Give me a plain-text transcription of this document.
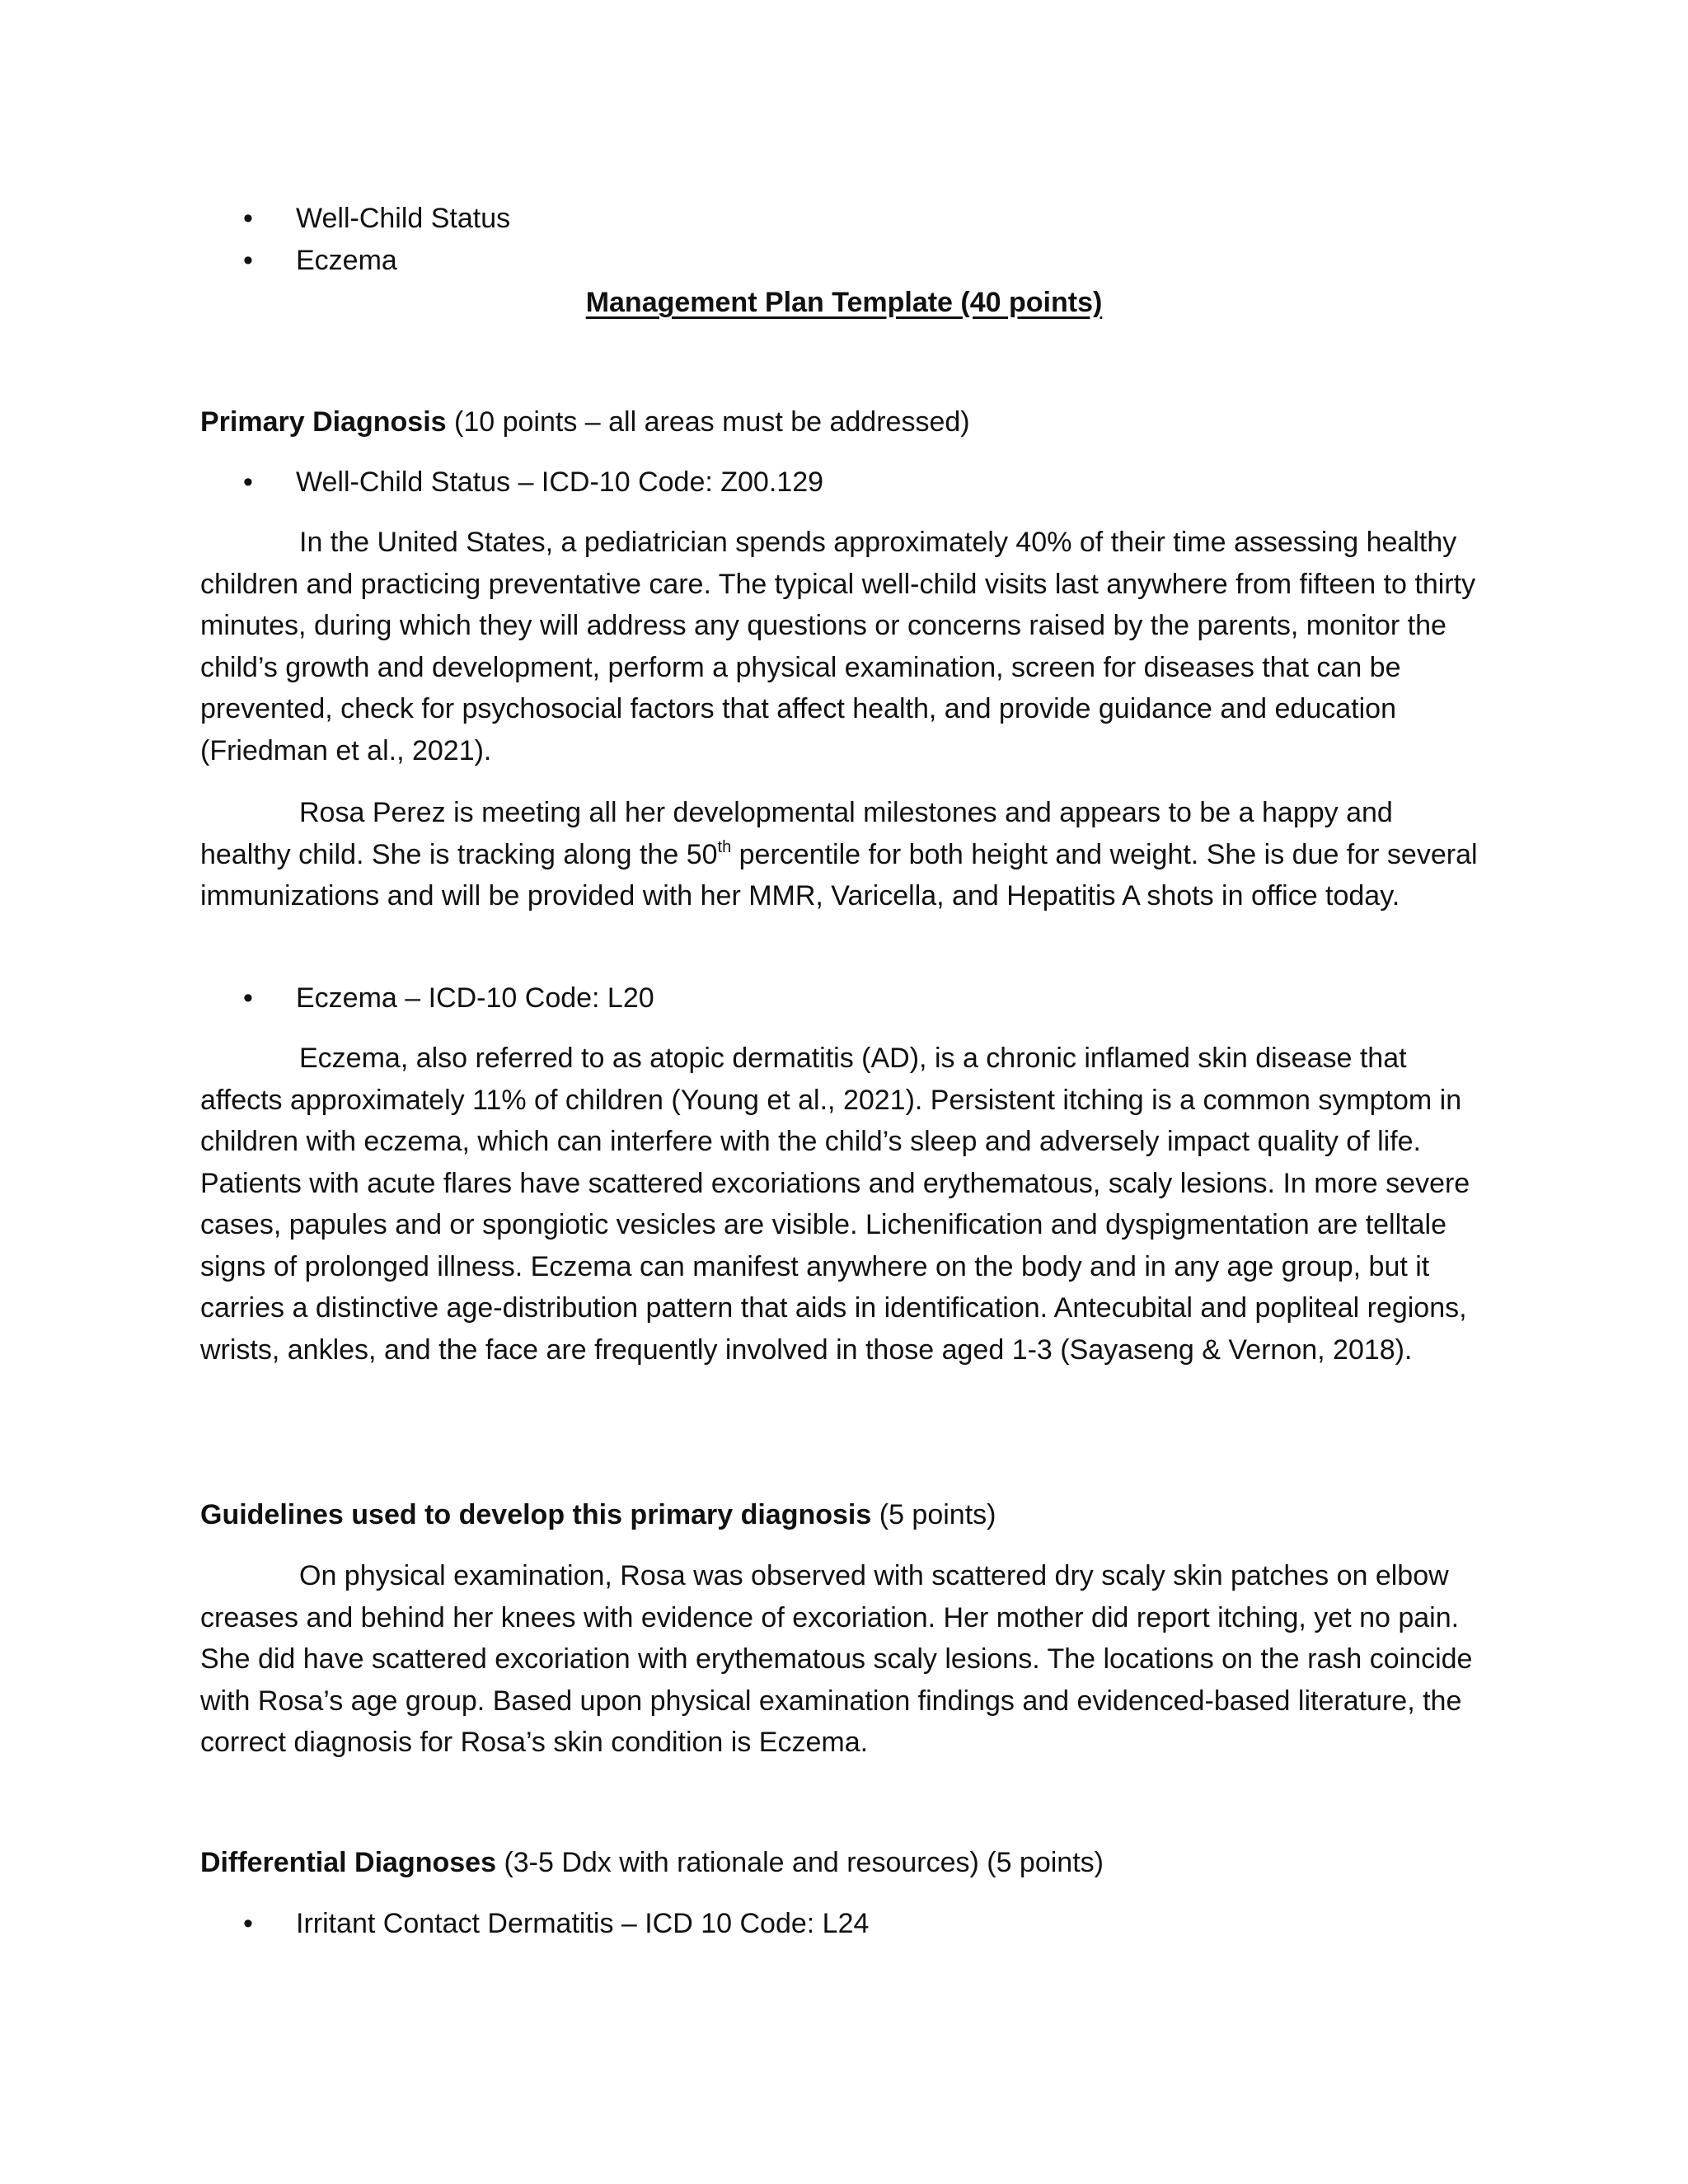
• Well-Child Status
• Eczema

Management Plan Template (40 points)

Primary Diagnosis (10 points – all areas must be addressed)

• Well-Child Status – ICD-10 Code: Z00.129

In the United States, a pediatrician spends approximately 40% of their time assessing healthy children and practicing preventative care. The typical well-child visits last anywhere from fifteen to thirty minutes, during which they will address any questions or concerns raised by the parents, monitor the child’s growth and development, perform a physical examination, screen for diseases that can be prevented, check for psychosocial factors that affect health, and provide guidance and education (Friedman et al., 2021).

Rosa Perez is meeting all her developmental milestones and appears to be a happy and healthy child. She is tracking along the 50th percentile for both height and weight. She is due for several immunizations and will be provided with her MMR, Varicella, and Hepatitis A shots in office today.

• Eczema – ICD-10 Code: L20

Eczema, also referred to as atopic dermatitis (AD), is a chronic inflamed skin disease that affects approximately 11% of children (Young et al., 2021). Persistent itching is a common symptom in children with eczema, which can interfere with the child’s sleep and adversely impact quality of life. Patients with acute flares have scattered excoriations and erythematous, scaly lesions. In more severe cases, papules and or spongiotic vesicles are visible. Lichenification and dyspigmentation are telltale signs of prolonged illness. Eczema can manifest anywhere on the body and in any age group, but it carries a distinctive age-distribution pattern that aids in identification. Antecubital and popliteal regions, wrists, ankles, and the face are frequently involved in those aged 1-3 (Sayaseng & Vernon, 2018).

Guidelines used to develop this primary diagnosis (5 points)

On physical examination, Rosa was observed with scattered dry scaly skin patches on elbow creases and behind her knees with evidence of excoriation. Her mother did report itching, yet no pain. She did have scattered excoriation with erythematous scaly lesions. The locations on the rash coincide with Rosa’s age group. Based upon physical examination findings and evidenced-based literature, the correct diagnosis for Rosa’s skin condition is Eczema.

Differential Diagnoses (3-5 Ddx with rationale and resources) (5 points)

• Irritant Contact Dermatitis – ICD 10 Code: L24
